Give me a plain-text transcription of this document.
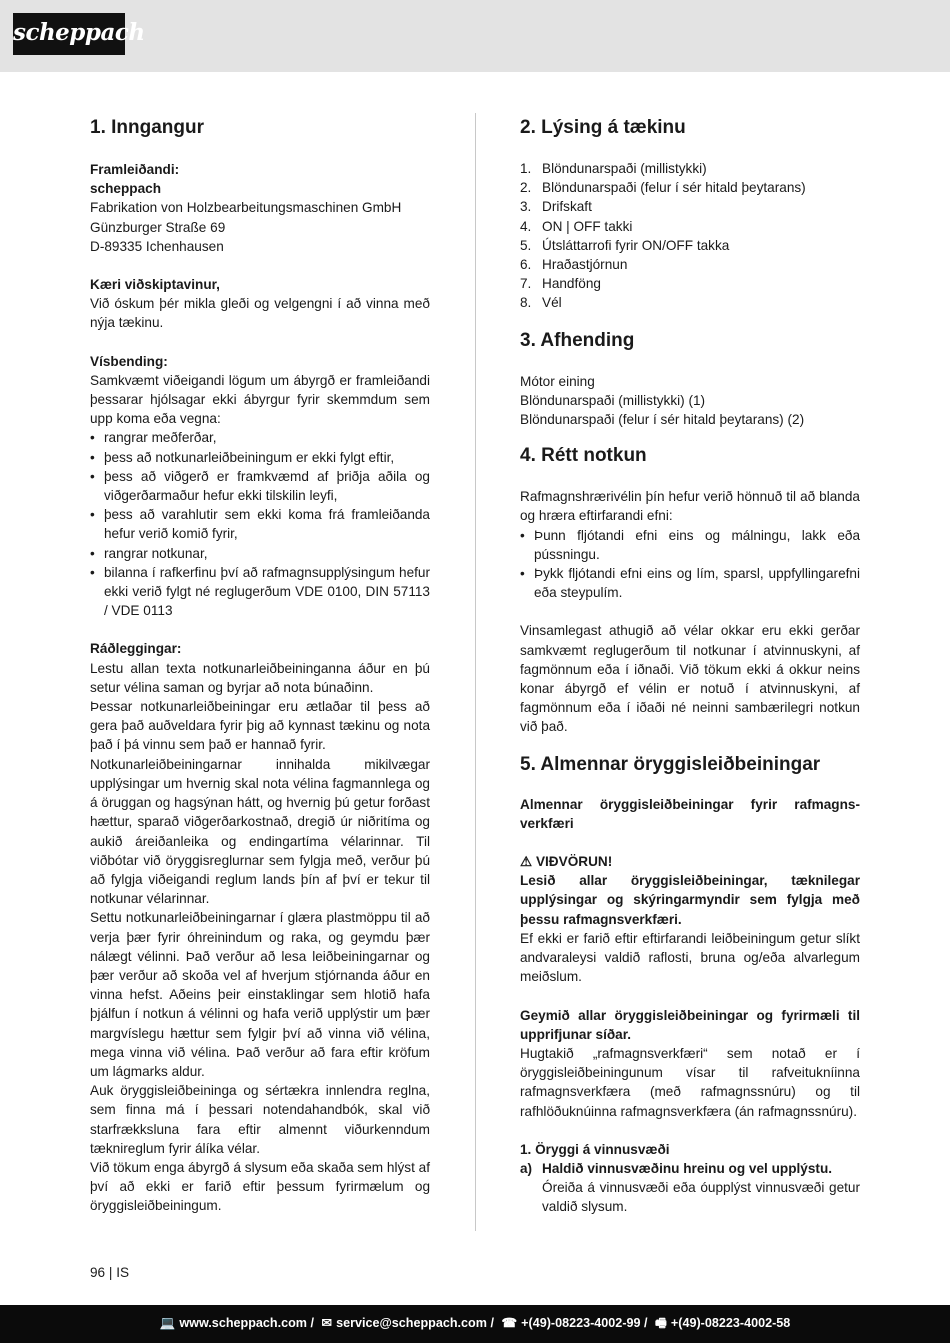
scheppach
1. Inngangur
Framleiðandi:
scheppach
Fabrikation von Holzbearbeitungsmaschinen GmbH
Günzburger Straße 69
D-89335 Ichenhausen
Kæri viðskiptavinur,
Við óskum þér mikla gleði og velgengni í að vinna með nýja tækinu.
Vísbending:
Samkvæmt viðeigandi lögum um ábyrgð er framleiðandi þessarar hjólsagar ekki ábyrgur fyrir skemmdum sem upp koma eða vegna:
• rangrar meðferðar,
• þess að notkunarleiðbeiningum er ekki fylgt eftir,
• þess að viðgerð er framkvæmd af þriðja aðila og viðgerðarmaður hefur ekki tilskilin leyfi,
• þess að varahlutir sem ekki koma frá framleiðanda hefur verið komið fyrir,
• rangrar notkunar,
• bilanna í rafkerfinu því að rafmagnsupplýsingum hefur ekki verið fylgt né reglugerðum VDE 0100, DIN 57113 / VDE 0113
Ráðleggingar:
Lestu allan texta notkunarleiðbeininganna áður en þú setur vélina saman og byrjar að nota búnaðinn.
Þessar notkunarleiðbeiningar eru ætlaðar til þess að gera það auðveldara fyrir þig að kynnast tækinu og nota það í þá vinnu sem það er hannað fyrir.
Notkunarleiðbeiningarnar innihalda mikilvægar upplýsingar um hvernig skal nota vélina fagmannlega og á öruggan og hagsýnan hátt, og hvernig þú getur forðast hættur, sparað viðgerðarkostnað, dregið úr niðritíma og aukið áreiðanleika og endingartíma vélarinnar. Til viðbótar við öryggisreglurnar sem fylgja með, verður þú að fylgja viðeigandi reglum lands þín af því er tekur til notkunar vélarinnar.
Settu notkunarleiðbeiningarnar í glæra plastmöppu til að verja þær fyrir óhreinindum og raka, og geymdu þær nálægt vélinni. Það verður að lesa leiðbeiningarnar og þær verður að skoða vel af hverjum stjórnanda áður en vinna hefst. Aðeins þeir einstaklingar sem hlotið hafa þjálfun í notkun á vélinni og hafa verið upplýstir um þær margvíslegu hættur sem fylgir því að vinna við vélina, mega vinna við vélina. Það verður að fara eftir kröfum um lágmarks aldur.
Auk öryggisleiðbeininga og sértækra innlendra reglna, sem finna má í þessari notendahandbók, skal við starfrækksluna fara eftir almennt viðurkenndum tæknireglum fyrir álíka vélar.
Við tökum enga ábyrgð á slysum eða skaða sem hlýst af því að ekki er farið eftir þessum fyrirmælum og öryggisleiðbeiningum.
2. Lýsing á tækinu
1. Blöndunarspaði (millistykki)
2. Blöndunarspaði (felur í sér hitald þeytarans)
3. Drifskaft
4. ON | OFF takki
5. Útsláttarrofi fyrir ON/OFF takka
6. Hraðastjórnun
7. Handföng
8. Vél
3. Afhending
Mótor eining
Blöndunarspaði (millistykki) (1)
Blöndunarspaði (felur í sér hitald þeytarans) (2)
4. Rétt notkun
Rafmagnshrærivélin þín hefur verið hönnuð til að blanda og hræra eftirfarandi efni:
• Þunn fljótandi efni eins og málningu, lakk eða pússningu.
• Þykk fljótandi efni eins og lím, sparsl, uppfyllingarefni eða steypulím.
Vinsamlegast athugið að vélar okkar eru ekki gerðar samkvæmt reglugerðum til notkunar í atvinnuskyni, af fagmönnum eða í iðnaði. Við tökum ekki á okkur neins konar ábyrgð ef vélin er notuð í atvinnuskyni, af fagmönnum eða í iðaði né neinni sambærilegri notkun við það.
5. Almennar öryggisleiðbeiningar
Almennar öryggisleiðbeiningar fyrir rafmagns-verkfæri
⚠ VIÐVÖRUN!
Lesið allar öryggisleiðbeiningar, tæknilegar upplýsingar og skýringarmyndir sem fylgja með þessu rafmagnsverkfæri.
Ef ekki er farið eftir eftirfarandi leiðbeiningum getur slíkt andvaraleysi valdið raflosti, bruna og/eða alvarlegum meiðslum.
Geymið allar öryggisleiðbeiningar og fyrirmæli til upprifjunar síðar.
Hugtakið „rafmagnsverkfæri“ sem notað er í öryggisleiðbeiningunum vísar til rafveitukníinna rafmagnsverkfæra (með rafmagnssnúru) og til rafhlöðuknúinna rafmagnsverkfæra (án rafmagnssnúru).
1. Öryggi á vinnusvæði
a) Haldið vinnusvæðinu hreinu og vel upplýstu.
Óreiða á vinnusvæði eða óupplýst vinnusvæði getur valdið slysum.
96 | IS
💻 www.scheppach.com / ✉ service@scheppach.com / ☎ +(49)-08223-4002-99 / 🖷 +(49)-08223-4002-58
